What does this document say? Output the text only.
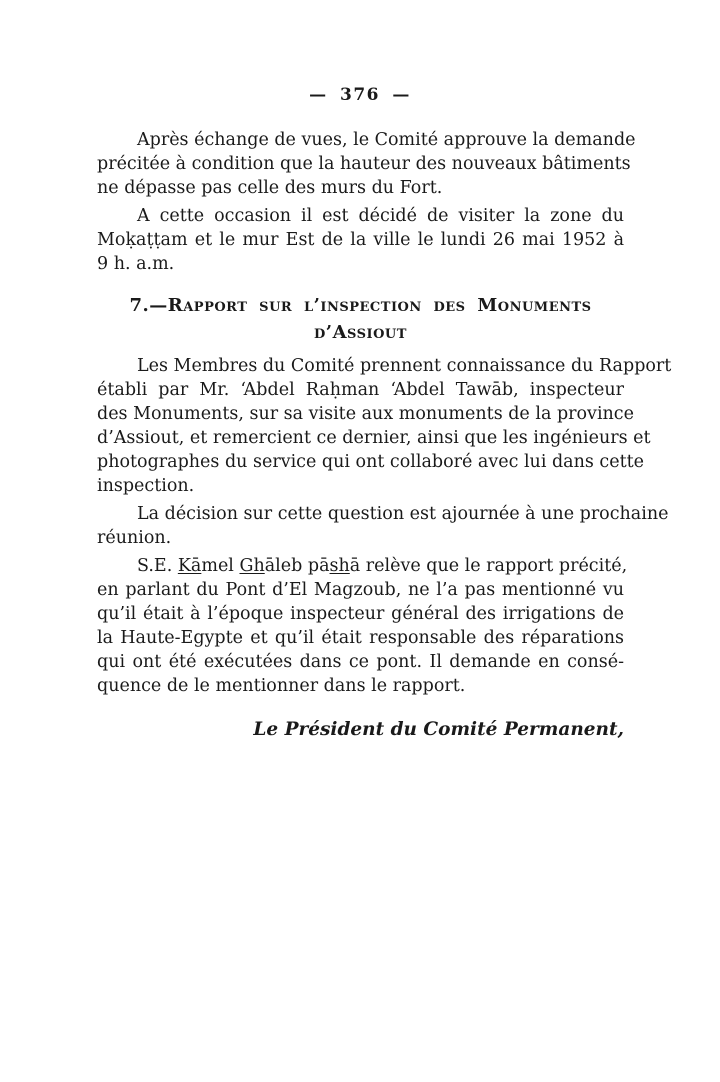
— 376 —
Après échange de vues, le Comité approuve la demande
précitée à condition que la hauteur des nouveaux bâtiments
ne dépasse pas celle des murs du Fort.
A cette occasion il est décidé de visiter la zone du
Moḳaṭṭam et le mur Est de la ville le lundi 26 mai 1952 à
9 h. a.m.
7.—Rapport sur l’inspection des Monuments
d’Assiout
Les Membres du Comité prennent connaissance du Rapport
établi par Mr. ‘Abdel Raḥman ‘Abdel Tawāb, inspecteur
des Monuments, sur sa visite aux monuments de la province
d’Assiout, et remercient ce dernier, ainsi que les ingénieurs et
photographes du service qui ont collaboré avec lui dans cette
inspection.
La décision sur cette question est ajournée à une prochaine
réunion.
S.E. Kāmel Ghāleb pāshā relève que le rapport précité,
en parlant du Pont d’El Magzoub, ne l’a pas mentionné vu
qu’il était à l’époque inspecteur général des irrigations de
la Haute-Egypte et qu’il était responsable des réparations
qui ont été exécutées dans ce pont. Il demande en consé-
quence de le mentionner dans le rapport.
Le Président du Comité Permanent,
